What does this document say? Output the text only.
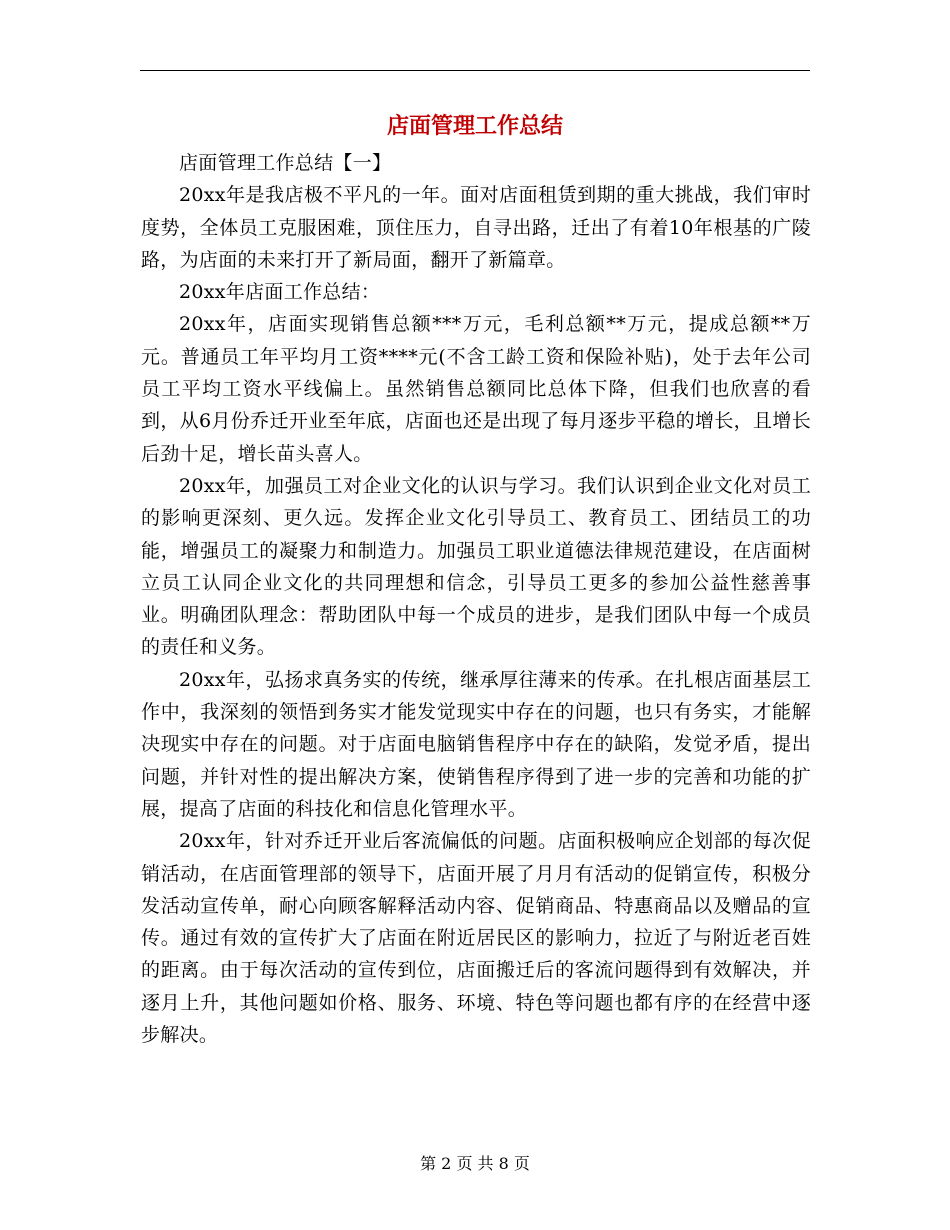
店面管理工作总结

店面管理工作总结【一】

20xx年是我店极不平凡的一年。面对店面租赁到期的重大挑战，我们审时度势，全体员工克服困难，顶住压力，自寻出路，迁出了有着10年根基的广陵路，为店面的未来打开了新局面，翻开了新篇章。

20xx年店面工作总结：

20xx年，店面实现销售总额***万元，毛利总额**万元，提成总额**万元。普通员工年平均月工资****元(不含工龄工资和保险补贴)，处于去年公司员工平均工资水平线偏上。虽然销售总额同比总体下降，但我们也欣喜的看到，从6月份乔迁开业至年底，店面也还是出现了每月逐步平稳的增长，且增长后劲十足，增长苗头喜人。

20xx年，加强员工对企业文化的认识与学习。我们认识到企业文化对员工的影响更深刻、更久远。发挥企业文化引导员工、教育员工、团结员工的功能，增强员工的凝聚力和制造力。加强员工职业道德法律规范建设，在店面树立员工认同企业文化的共同理想和信念，引导员工更多的参加公益性慈善事业。明确团队理念：帮助团队中每一个成员的进步，是我们团队中每一个成员的责任和义务。

20xx年，弘扬求真务实的传统，继承厚往薄来的传承。在扎根店面基层工作中，我深刻的领悟到务实才能发觉现实中存在的问题，也只有务实，才能解决现实中存在的问题。对于店面电脑销售程序中存在的缺陷，发觉矛盾，提出问题，并针对性的提出解决方案，使销售程序得到了进一步的完善和功能的扩展，提高了店面的科技化和信息化管理水平。

20xx年，针对乔迁开业后客流偏低的问题。店面积极响应企划部的每次促销活动，在店面管理部的领导下，店面开展了月月有活动的促销宣传，积极分发活动宣传单，耐心向顾客解释活动内容、促销商品、特惠商品以及赠品的宣传。通过有效的宣传扩大了店面在附近居民区的影响力，拉近了与附近老百姓的距离。由于每次活动的宣传到位，店面搬迁后的客流问题得到有效解决，并逐月上升，其他问题如价格、服务、环境、特色等问题也都有序的在经营中逐步解决。

第 2 页 共 8 页
